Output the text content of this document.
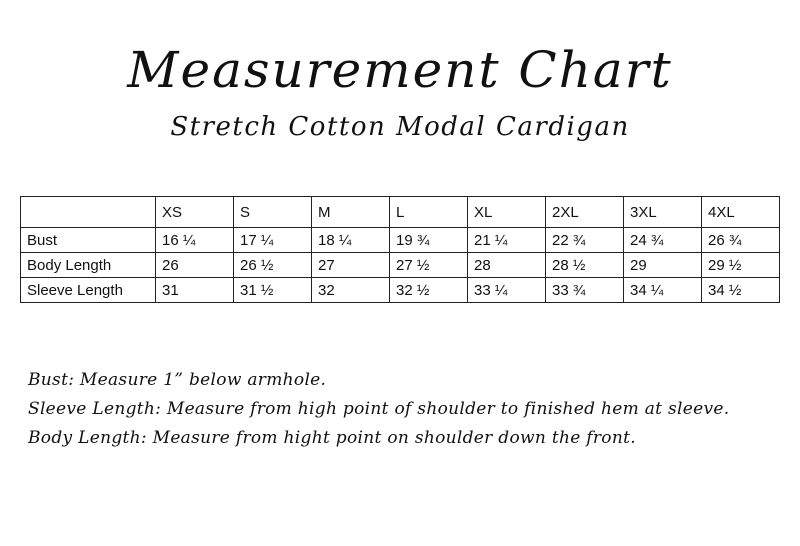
Measurement Chart
Stretch Cotton Modal Cardigan
	XS	S	M	L	XL	2XL	3XL	4XL
Bust	16 ¼	17 ¼	18 ¼	19 ¾	21 ¼	22 ¾	24 ¾	26 ¾
Body Length	26	26 ½	27	27 ½	28	28 ½	29	29 ½
Sleeve Length	31	31 ½	32	32 ½	33 ¼	33 ¾	34 ¼	34 ½
Bust: Measure 1” below armhole.
Sleeve Length: Measure from high point of shoulder to finished hem at sleeve.
Body Length: Measure from hight point on shoulder down the front.
